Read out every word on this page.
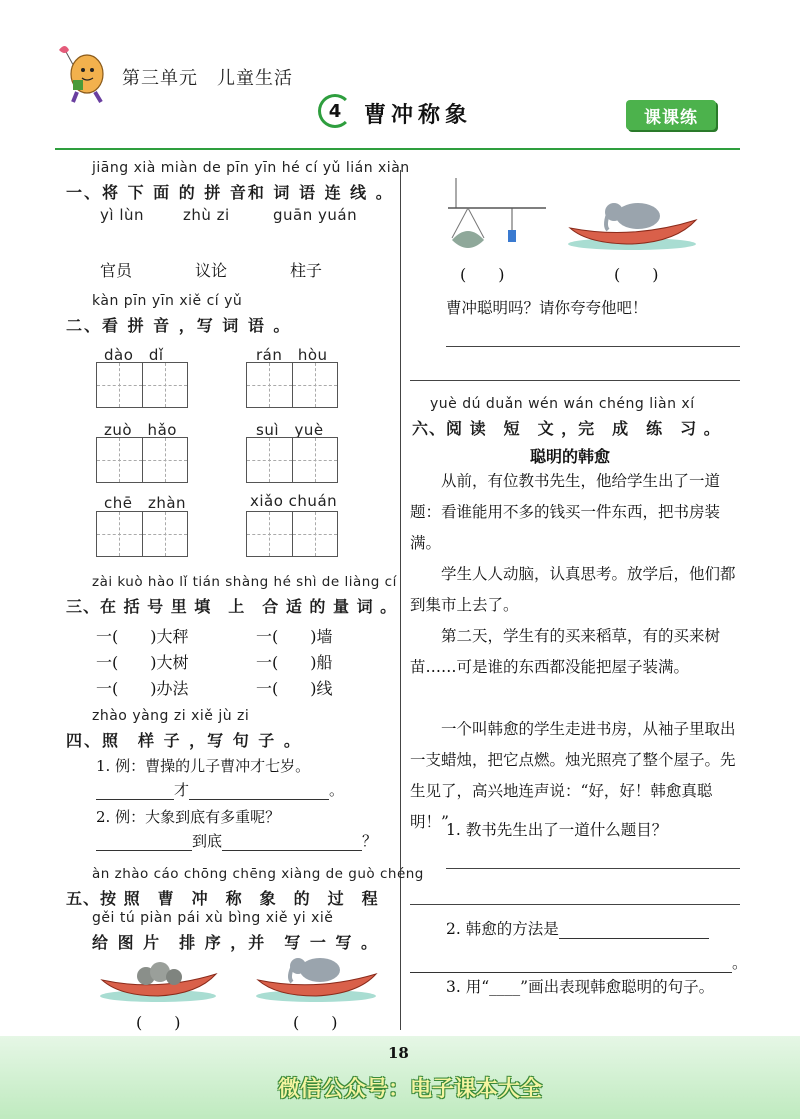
第三单元　儿童生活
4 曹冲称象	课课练
jiāng xià miàn de pīn yīn hé cí yǔ lián xiàn
一、将 下 面 的 拼 音和 词 语 连 线 。
yì lùn	zhù zi	guān yuán
官员	议论	柱子
kàn pīn yīn xiě cí yǔ
二、看 拼 音 ，写 词 语 。
dào　dǐ	rán　hòu
zuò　hǎo	suì　yuè
chē　zhàn	xiǎo chuán
zài kuò hào lǐ tián shàng hé shì de liàng cí
三、在 括 号 里 填　上　合 适 的 量 词 。
一(　　)大秤	一(　　)墙
一(　　)大树	一(　　)船
一(　　)办法	一(　　)线
zhào yàng zi xiě jù zi
四、照　样 子 ，写 句 子 。
1. 例：曹操的儿子曹冲才七岁。
才	。
2. 例：大象到底有多重呢？
到底	？
àn zhào cáo chōng chēng xiàng de guò chéng
五、按 照　曹　冲　称　象　的　过　程
gěi tú piàn pái xù bìng xiě yi xiě
给 图 片　排 序 ，并　写 一 写 。
(　　)	(　　)
(　　)	(　　)
曹冲聪明吗？请你夸夸他吧！
yuè dú duǎn wén wán chéng liàn xí
六、阅 读　短　文 ，完　成　练　习 。
聪明的韩愈
从前，有位教书先生，他给学生出了一道题：看谁能用不多的钱买一件东西，把书房装满。
学生人人动脑，认真思考。放学后，他们都到集市上去了。
第二天，学生有的买来稻草，有的买来树苗……可是谁的东西都没能把屋子装满。
一个叫韩愈的学生走进书房，从袖子里取出一支蜡烛，把它点燃。烛光照亮了整个屋子。先生见了，高兴地连声说：“好，好！韩愈真聪明！”
1. 教书先生出了一道什么题目？
2. 韩愈的方法是
。
3. 用“____”画出表现韩愈聪明的句子。
18
微信公众号：电子课本大全
